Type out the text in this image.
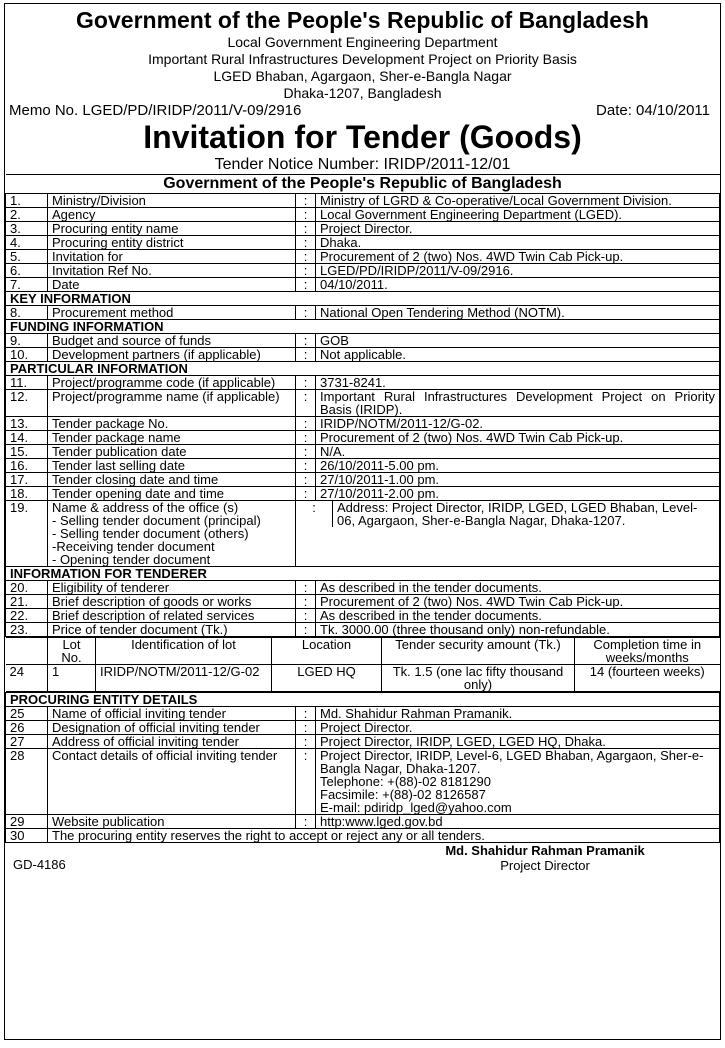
Government of the People's Republic of Bangladesh
Local Government Engineering Department
Important Rural Infrastructures Development Project on Priority Basis
LGED Bhaban, Agargaon, Sher-e-Bangla Nagar
Dhaka-1207, Bangladesh
Memo No. LGED/PD/IRIDP/2011/V-09/2916	Date: 04/10/2011
Invitation for Tender (Goods)
Tender Notice Number: IRIDP/2011-12/01
Government of the People's Republic of Bangladesh
1.	Ministry/Division	:	Ministry of LGRD & Co-operative/Local Government Division.
2.	Agency	:	Local Government Engineering Department (LGED).
3.	Procuring entity name	:	Project Director.
4.	Procuring entity district	:	Dhaka.
5.	Invitation for	:	Procurement of 2 (two) Nos. 4WD Twin Cab Pick-up.
6.	Invitation Ref No.	:	LGED/PD/IRIDP/2011/V-09/2916.
7.	Date	:	04/10/2011.
KEY INFORMATION
8.	Procurement method	:	National Open Tendering Method (NOTM).
FUNDING INFORMATION
9.	Budget and source of funds	:	GOB
10.	Development partners (if applicable)	:	Not applicable.
PARTICULAR INFORMATION
11.	Project/programme code (if applicable)	:	3731-8241.
12.	Project/programme name (if applicable)	:	Important Rural Infrastructures Development Project on Priority Basis (IRIDP).
13.	Tender package No.	:	IRIDP/NOTM/2011-12/G-02.
14.	Tender package name	:	Procurement of 2 (two) Nos. 4WD Twin Cab Pick-up.
15.	Tender publication date	:	N/A.
16.	Tender last selling date	:	26/10/2011-5.00 pm.
17.	Tender closing date and time	:	27/10/2011-1.00 pm.
18.	Tender opening date and time	:	27/10/2011-2.00 pm.
19.	Name & address of the office (s)
- Selling tender document (principal)
- Selling tender document (others)
-Receiving tender document
- Opening tender document

:	Address: Project Director, IRIDP, LGED, LGED Bhaban, Level-06, Agargaon, Sher-e-Bangla Nagar, Dhaka-1207.

INFORMATION FOR TENDERER
20.	Eligibility of tenderer	:	As described in the tender documents.
21.	Brief description of goods or works	:	Procurement of 2 (two) Nos. 4WD Twin Cab Pick-up.
22.	Brief description of related services	:	As described in the tender documents.
23.	Price of tender document (Tk.)	:	Tk. 3000.00 (three thousand only) non-refundable.

	Lot No.	Identification of lot	Location	Tender security amount (Tk.)	Completion time in weeks/months
24	1	IRIDP/NOTM/2011-12/G-02	LGED HQ	Tk. 1.5 (one lac fifty thousand only)	14 (fourteen weeks)

PROCURING ENTITY DETAILS
25	Name of official inviting tender	:	Md. Shahidur Rahman Pramanik.
26	Designation of official inviting tender	:	Project Director.
27	Address of official inviting tender	:	Project Director, IRIDP, LGED, LGED HQ, Dhaka.
28	Contact details of official inviting tender	:	Project Director, IRIDP, Level-6, LGED Bhaban, Agargaon, Sher-e-Bangla Nagar, Dhaka-1207.
Telephone: +(88)-02 8181290
Facsimile: +(88)-02 8126587
E-mail: pdiridp_lged@yahoo.com

29	Website publication	:	http:www.lged.gov.bd
30	The procuring entity reserves the right to accept or reject any or all tenders.
GD-4186
Md. Shahidur Rahman Pramanik
Project Director
